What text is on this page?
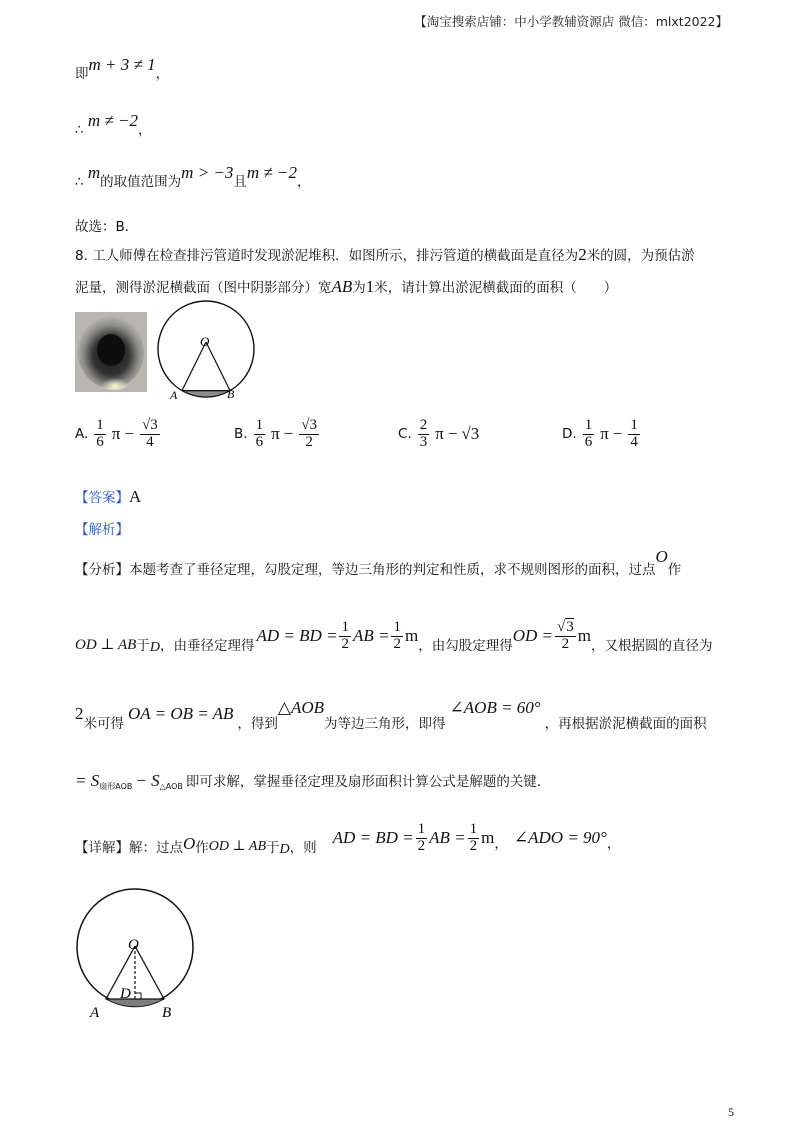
【淘宝搜索店铺：中小学教辅资源店 微信：mlxt2022】
即m + 3 ≠ 1，
∴ m ≠ −2，
∴ m的取值范围为m > −3且m ≠ −2，
故选：B．
8. 工人师傅在检查排污管道时发现淤泥堆积．如图所示，排污管道的横截面是直径为2米的圆，为预估淤
泥量，测得淤泥横截面（图中阴影部分）宽AB为1米，请计算出淤泥横截面的面积（　　）
O
A	B
A. $\frac{1}{6}$ $\pi - \frac{√3}{4}$	B. $\frac{1}{6}$ $\pi - \frac{√3}{2}$	C. $\frac{2}{3}$ π − √3	D. $\frac{1}{6}$ $\pi - \frac{1}{4}$
【答案】A
【解析】
【分析】本题考查了垂径定理，勾股定理，等边三角形的判定和性质，求不规则图形的面积，过点O作
OD ⊥ AB 于 D ，由垂径定理得
AD = BD = $\frac{1}{2}$ AB = $\frac{1}{2}$ m
，由勾股定理得
OD = $\frac{√3}{2}$ m
，又根据圆的直径为
2
米可得
OA = OB = AB
，得到
△AOB
为等边三角形，即得
∠AOB = 60°
，再根据淤泥横截面的面积
= S 扇形AOB − S △AOB 即可求解，掌握垂径定理及扇形面积计算公式是解题的关键．
【详解】解：过点 O 作 OD ⊥ AB 于 D ，则
AD = BD = $\frac{1}{2}$ AB = $\frac{1}{2}$ m ， ∠ADO = 90° ，
O
D
A	B
5
